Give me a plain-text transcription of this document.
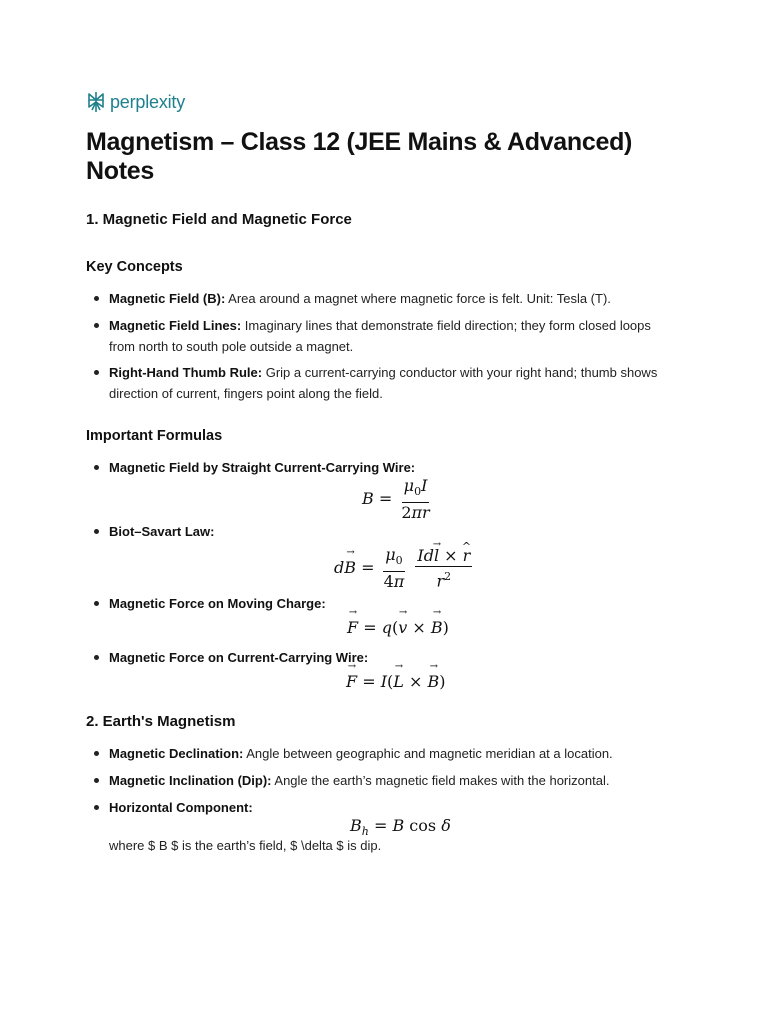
perplexity
Magnetism – Class 12 (JEE Mains & Advanced) Notes
1. Magnetic Field and Magnetic Force
Key Concepts
Magnetic Field (B): Area around a magnet where magnetic force is felt. Unit: Tesla (T).
Magnetic Field Lines: Imaginary lines that demonstrate field direction; they form closed loops from north to south pole outside a magnet.
Right-Hand Thumb Rule: Grip a current-carrying conductor with your right hand; thumb shows direction of current, fingers point along the field.
Important Formulas
Magnetic Field by Straight Current-Carrying Wire:
$B = \frac{\mu_0I}{2\pi r}$
Biot–Savart Law:
$d\to B = \frac{\mu_0}{4\pi}$
$\frac{Id\to l \times \^{} r}{r^2}$
Magnetic Force on Moving Charge:
→ F = q(→ v × → B)
Magnetic Force on Current-Carrying Wire:
→ F = I(→ L × → B)
2. Earth's Magnetism
Magnetic Declination: Angle between geographic and magnetic meridian at a location.
Magnetic Inclination (Dip): Angle the earth’s magnetic field makes with the horizontal.
Horizontal Component:
$B_h = B$ cos δ
where $ B $ is the earth’s field, $ \delta $ is dip.
